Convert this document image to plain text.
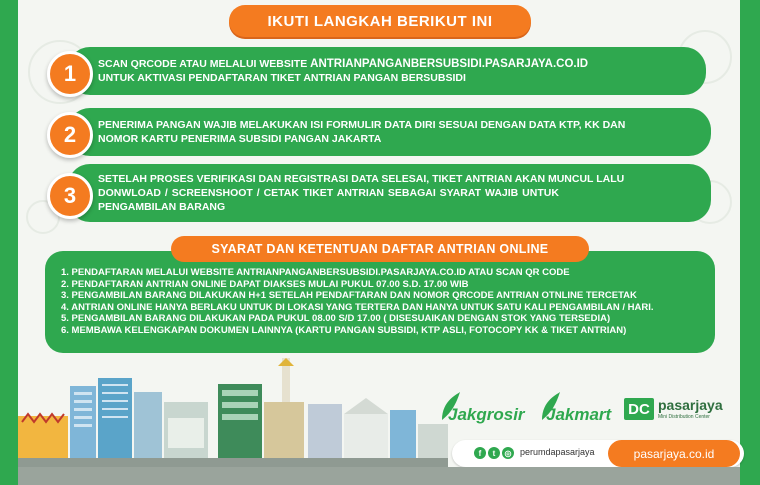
IKUTI LANGKAH BERIKUT INI
1	SCAN QRCODE ATAU MELALUI WEBSITE ANTRIANPANGANBERSUBSIDI.PASARJAYA.CO.ID
UNTUK AKTIVASI PENDAFTARAN TIKET ANTRIAN PANGAN BERSUBSIDI
2	PENERIMA PANGAN WAJIB MELAKUKAN ISI FORMULIR DATA DIRI SESUAI DENGAN DATA KTP, KK DAN
NOMOR KARTU PENERIMA SUBSIDI PANGAN JAKARTA
3
SETELAH PROSES VERIFIKASI DAN REGISTRASI DATA SELESAI, TIKET ANTRIAN AKAN MUNCUL LALU
DONWLOAD / SCREENSHOOT / CETAK TIKET ANTRIAN SEBAGAI SYARAT WAJIB UNTUK
PENGAMBILAN BARANG
1. PENDAFTARAN MELALUI WEBSITE ANTRIANPANGANBERSUBSIDI.PASARJAYA.CO.ID ATAU SCAN QR CODE
2. PENDAFTARAN ANTRIAN ONLINE DAPAT DIAKSES MULAI PUKUL 07.00 S.D. 17.00 WIB
3. PENGAMBILAN BARANG DILAKUKAN H+1 SETELAH PENDAFTARAN DAN NOMOR QRCODE ANTRIAN OTNLINE TERCETAK
4. ANTRIAN ONLINE HANYA BERLAKU UNTUK DI LOKASI YANG TERTERA DAN HANYA UNTUK SATU KALI PENGAMBILAN / HARI.
5. PENGAMBILAN BARANG DILAKUKAN PADA PUKUL 08.00 S/D 17.00 ( DISESUAIKAN DENGAN STOK YANG TERSEDIA)
6. MEMBAWA KELENGKAPAN DOKUMEN LAINNYA (KARTU PANGAN SUBSIDI, KTP ASLI, FOTOCOPY KK & TIKET ANTRIAN)
SYARAT DAN KETENTUAN DAFTAR ANTRIAN ONLINE
Jakgrosir Jakmart DC pasarjaya
Mini Distribution Center
f	t	◎ perumdapasarjaya	pasarjaya.co.id
